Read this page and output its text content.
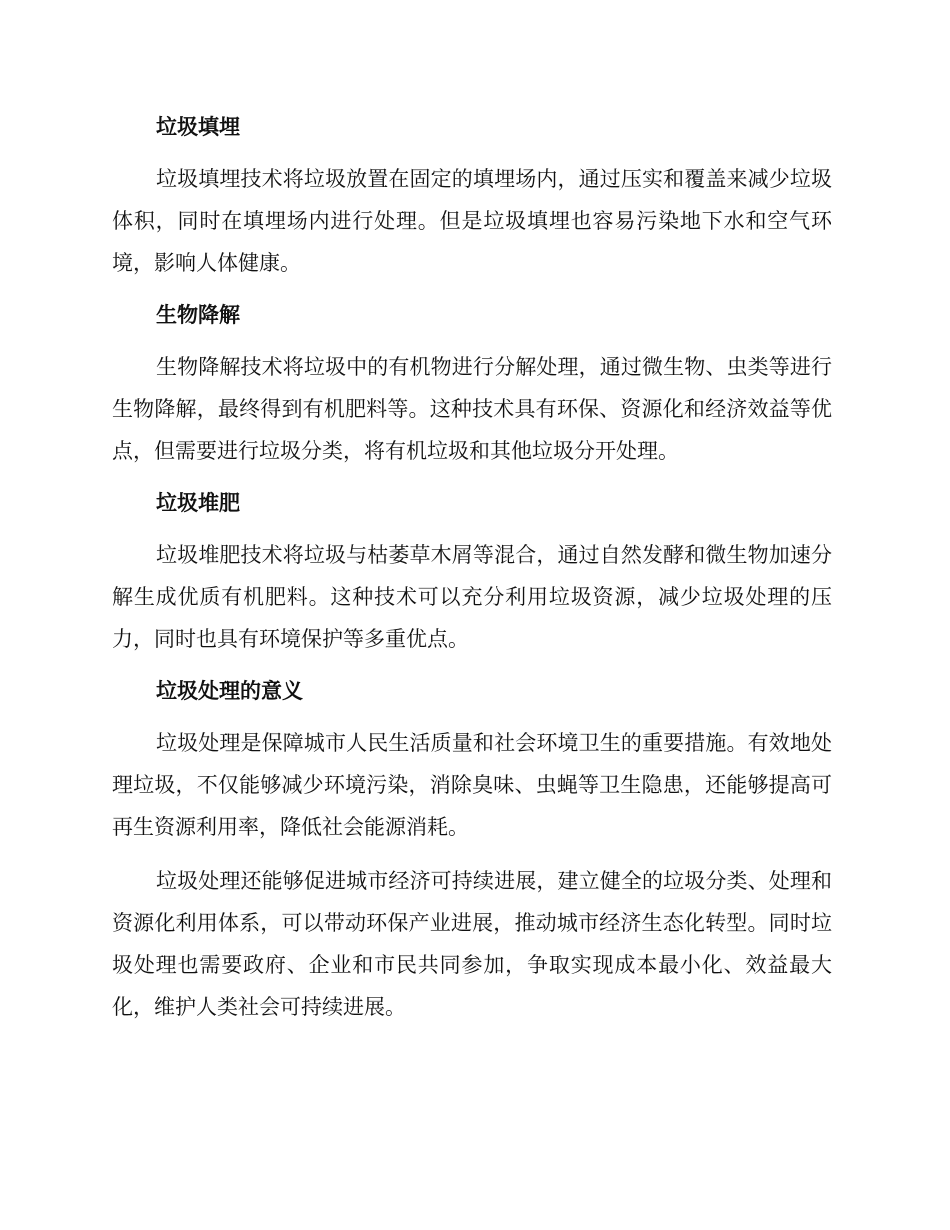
垃圾填埋

垃圾填埋技术将垃圾放置在固定的填埋场内，通过压实和覆盖来减少垃圾体积，同时在填埋场内进行处理。但是垃圾填埋也容易污染地下水和空气环境，影响人体健康。

生物降解

生物降解技术将垃圾中的有机物进行分解处理，通过微生物、虫类等进行生物降解，最终得到有机肥料等。这种技术具有环保、资源化和经济效益等优点，但需要进行垃圾分类，将有机垃圾和其他垃圾分开处理。

垃圾堆肥

垃圾堆肥技术将垃圾与枯萎草木屑等混合，通过自然发酵和微生物加速分解生成优质有机肥料。这种技术可以充分利用垃圾资源，减少垃圾处理的压力，同时也具有环境保护等多重优点。

垃圾处理的意义

垃圾处理是保障城市人民生活质量和社会环境卫生的重要措施。有效地处理垃圾，不仅能够减少环境污染，消除臭味、虫蝇等卫生隐患，还能够提高可再生资源利用率，降低社会能源消耗。

垃圾处理还能够促进城市经济可持续进展，建立健全的垃圾分类、处理和资源化利用体系，可以带动环保产业进展，推动城市经济生态化转型。同时垃圾处理也需要政府、企业和市民共同参加，争取实现成本最小化、效益最大化，维护人类社会可持续进展。
